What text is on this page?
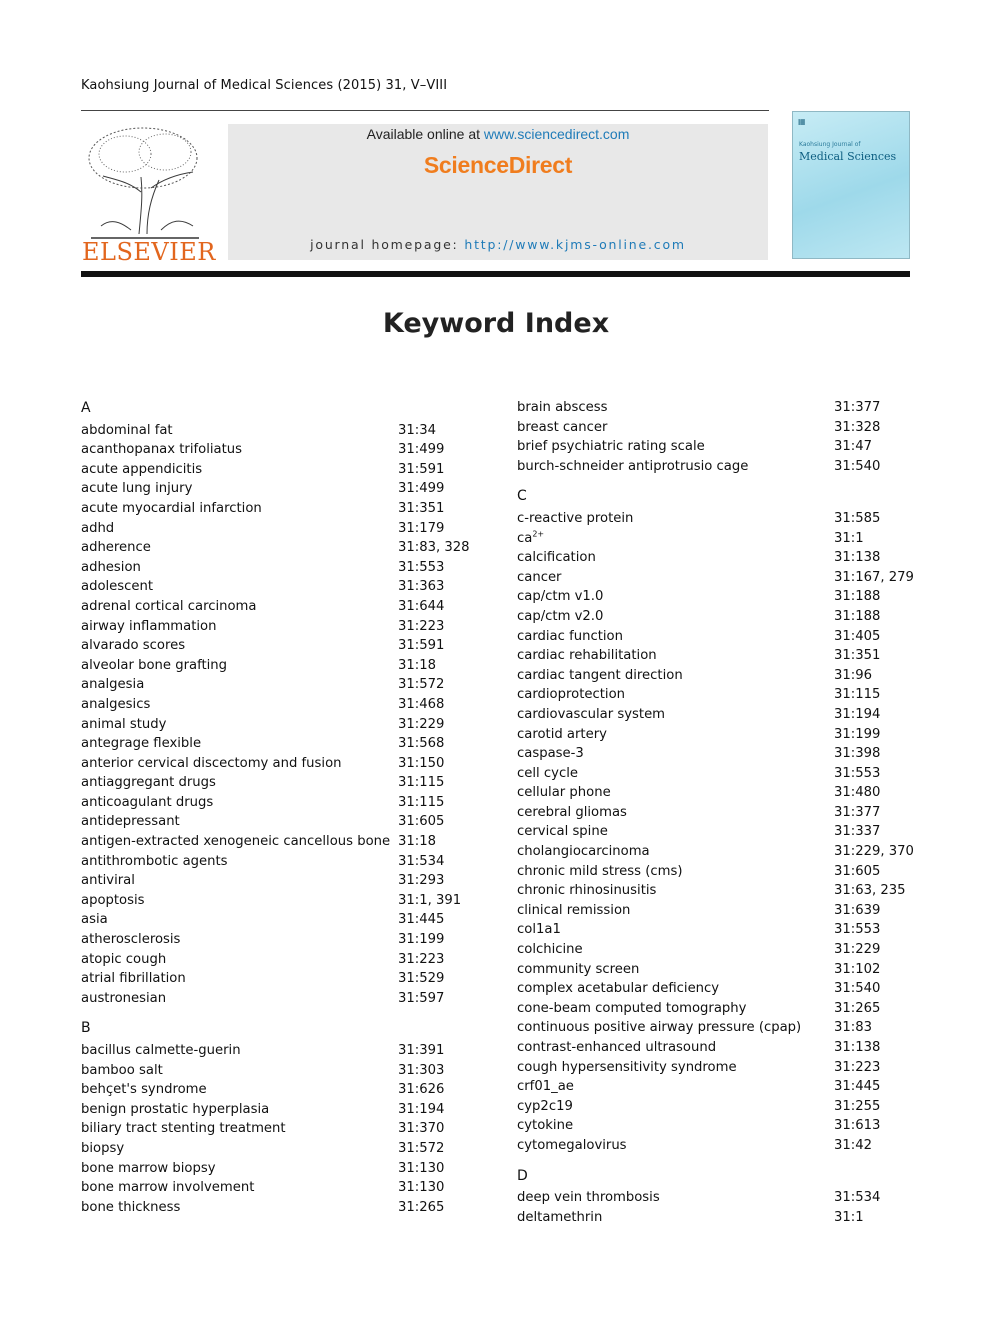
Kaohsiung Journal of Medical Sciences (2015) 31, V–VIII
ELSEVIER
Available online at www.sciencedirect.com
ScienceDirect
journal homepage: http://www.kjms-online.com
▦
Kaohsiung Journal of
Medical Sciences
Keyword Index
A
abdominal fat	31:34
acanthopanax trifoliatus	31:499
acute appendicitis	31:591
acute lung injury	31:499
acute myocardial infarction	31:351
adhd	31:179
adherence	31:83, 328
adhesion	31:553
adolescent	31:363
adrenal cortical carcinoma	31:644
airway inflammation	31:223
alvarado scores	31:591
alveolar bone grafting	31:18
analgesia	31:572
analgesics	31:468
animal study	31:229
antegrage flexible	31:568
anterior cervical discectomy and fusion	31:150
antiaggregant drugs	31:115
anticoagulant drugs	31:115
antidepressant	31:605
antigen-extracted xenogeneic cancellous bone 31:18
antithrombotic agents	31:534
antiviral	31:293
apoptosis	31:1, 391
asia	31:445
atherosclerosis	31:199
atopic cough	31:223
atrial fibrillation	31:529
austronesian	31:597
B
bacillus calmette-guerin	31:391
bamboo salt	31:303
behçet's syndrome	31:626
benign prostatic hyperplasia	31:194
biliary tract stenting treatment	31:370
biopsy	31:572
bone marrow biopsy	31:130
bone marrow involvement	31:130
bone thickness	31:265
brain abscess	31:377
breast cancer	31:328
brief psychiatric rating scale	31:47
burch-schneider antiprotrusio cage	31:540
C
c-reactive protein	31:585
$ca^{2+}$	31:1
calcification	31:138
cancer	31:167, 279
cap/ctm v1.0	31:188
cap/ctm v2.0	31:188
cardiac function	31:405
cardiac rehabilitation	31:351
cardiac tangent direction	31:96
cardioprotection	31:115
cardiovascular system	31:194
carotid artery	31:199
caspase-3	31:398
cell cycle	31:553
cellular phone	31:480
cerebral gliomas	31:377
cervical spine	31:337
cholangiocarcinoma	31:229, 370
chronic mild stress (cms)	31:605
chronic rhinosinusitis	31:63, 235
clinical remission	31:639
col1a1	31:553
colchicine	31:229
community screen	31:102
complex acetabular deficiency	31:540
cone-beam computed tomography	31:265
continuous positive airway pressure (cpap) 31:83
contrast-enhanced ultrasound	31:138
cough hypersensitivity syndrome	31:223
crf01_ae	31:445
cyp2c19	31:255
cytokine	31:613
cytomegalovirus	31:42
D
deep vein thrombosis	31:534
deltamethrin	31:1
